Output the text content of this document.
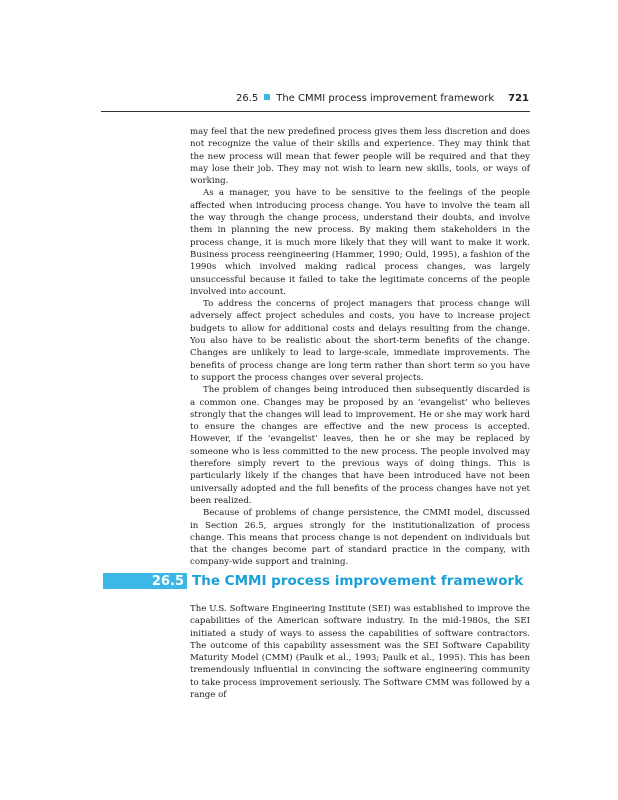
26.5 The CMMI process improvement framework 721

may feel that the new predefined process gives them less discretion and does not recognize the value of their skills and experience. They may think that the new process will mean that fewer people will be required and that they may lose their job. They may not wish to learn new skills, tools, or ways of working.

As a manager, you have to be sensitive to the feelings of the people affected when introducing process change. You have to involve the team all the way through the change process, understand their doubts, and involve them in planning the new process. By making them stakeholders in the process change, it is much more likely that they will want to make it work. Business process reengineering (Hammer, 1990; Ould, 1995), a fashion of the 1990s which involved making radical process changes, was largely unsuccessful because it failed to take the legitimate concerns of the people involved into account.

To address the concerns of project managers that process change will adversely affect project schedules and costs, you have to increase project budgets to allow for additional costs and delays resulting from the change. You also have to be realistic about the short-term benefits of the change. Changes are unlikely to lead to large-scale, immediate improvements. The benefits of process change are long term rather than short term so you have to support the process changes over several projects.

The problem of changes being introduced then subsequently discarded is a common one. Changes may be proposed by an ‘evangelist’ who believes strongly that the changes will lead to improvement. He or she may work hard to ensure the changes are effective and the new process is accepted. However, if the ‘evangelist’ leaves, then he or she may be replaced by someone who is less committed to the new process. The people involved may therefore simply revert to the previous ways of doing things. This is particularly likely if the changes that have been introduced have not been universally adopted and the full benefits of the process changes have not yet been realized.

Because of problems of change persistence, the CMMI model, discussed in Section 26.5, argues strongly for the institutionalization of process change. This means that process change is not dependent on individuals but that the changes become part of standard practice in the company, with company-wide support and training.

26.5 The CMMI process improvement framework

The U.S. Software Engineering Institute (SEI) was established to improve the capabilities of the American software industry. In the mid-1980s, the SEI initiated a study of ways to assess the capabilities of software contractors. The outcome of this capability assessment was the SEI Software Capability Maturity Model (CMM) (Paulk et al., 1993; Paulk et al., 1995). This has been tremendously influential in convincing the software engineering community to take process improvement seriously. The Software CMM was followed by a range of
